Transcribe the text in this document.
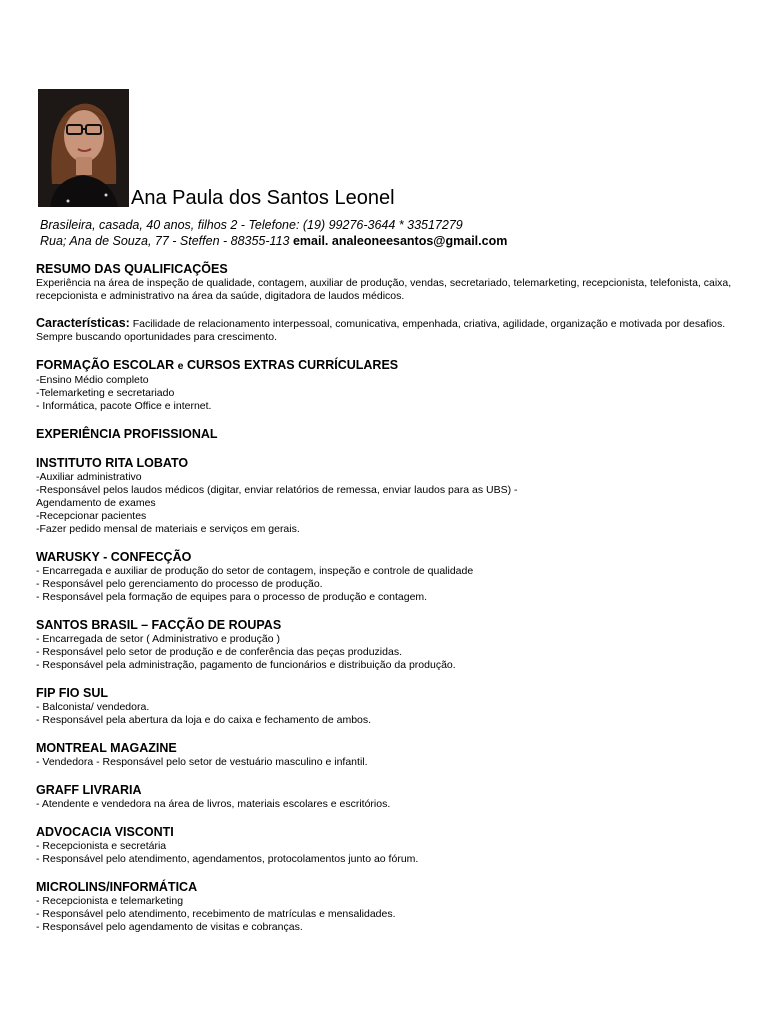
Ana Paula dos Santos Leonel
Brasileira, casada, 40 anos, filhos 2 - Telefone: (19) 99276-3644 * 33517279
Rua; Ana de Souza, 77 - Steffen - 88355-113 email. analeoneesantos@gmail.com
RESUMO DAS QUALIFICAÇÕES
Experiência na área de inspeção de qualidade, contagem, auxiliar de produção, vendas, secretariado, telemarketing, recepcionista, telefonista, caixa, recepcionista e administrativo na área da saúde, digitadora de laudos médicos.
Características: Facilidade de relacionamento interpessoal, comunicativa, empenhada, criativa, agilidade, organização e motivada por desafios. Sempre buscando oportunidades para crescimento.
FORMAÇÃO ESCOLAR e CURSOS EXTRAS CURRÍCULARES
-Ensino Médio completo
-Telemarketing e secretariado
- Informática, pacote Office e internet.
EXPERIÊNCIA PROFISSIONAL
INSTITUTO RITA LOBATO
-Auxiliar administrativo
-Responsável pelos laudos médicos (digitar, enviar relatórios de remessa, enviar laudos para as UBS) -
Agendamento de exames
-Recepcionar pacientes
-Fazer pedido mensal de materiais e serviços em gerais.
WARUSKY - CONFECÇÃO
- Encarregada e auxiliar de produção do setor de contagem, inspeção e controle de qualidade
- Responsável pelo gerenciamento do processo de produção.
- Responsável pela formação de equipes para o processo de produção e contagem.
SANTOS BRASIL – FACÇÃO DE ROUPAS
- Encarregada de setor ( Administrativo e produção )
- Responsável pelo setor de produção e de conferência das peças produzidas.
- Responsável pela administração, pagamento de funcionários e distribuição da produção.
FIP FIO SUL
- Balconista/ vendedora.
- Responsável pela abertura da loja e do caixa e fechamento de ambos.
MONTREAL MAGAZINE
- Vendedora - Responsável pelo setor de vestuário masculino e infantil.
GRAFF LIVRARIA
- Atendente e vendedora na área de livros, materiais escolares e escritórios.
ADVOCACIA VISCONTI
- Recepcionista e secretária
- Responsável pelo atendimento, agendamentos, protocolamentos junto ao fórum.
MICROLINS/INFORMÁTICA
- Recepcionista e telemarketing
- Responsável pelo atendimento, recebimento de matrículas e mensalidades.
- Responsável pelo agendamento de visitas e cobranças.
